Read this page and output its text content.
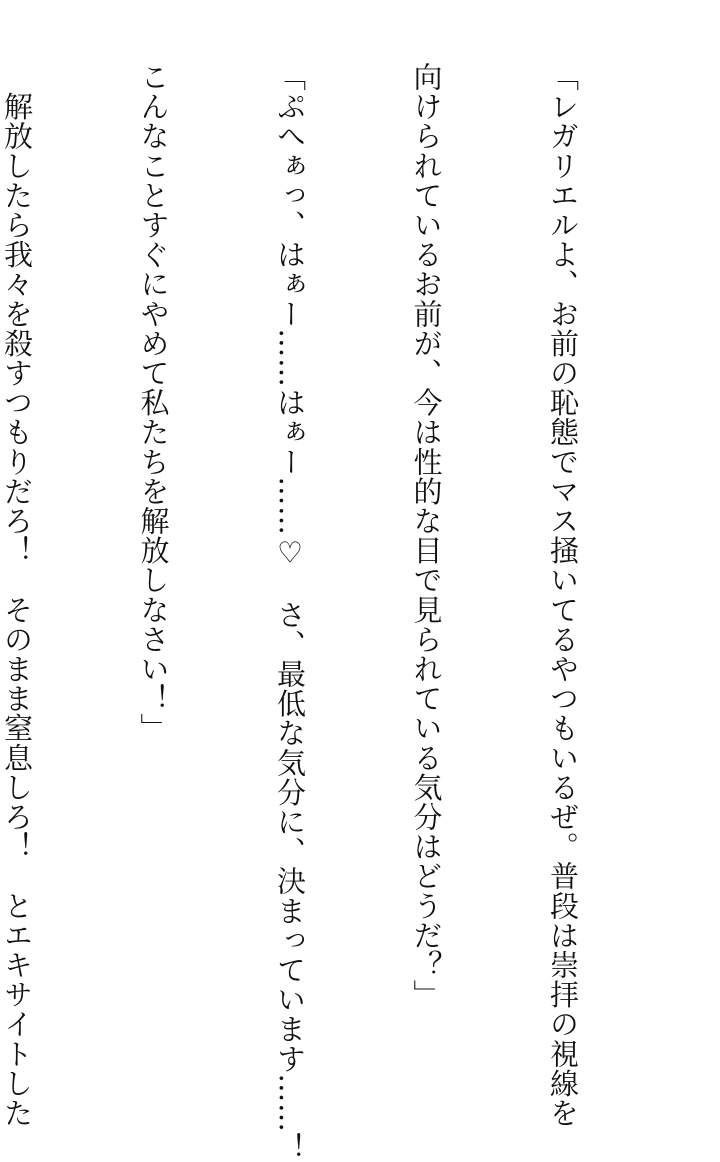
「レガリエルよ、お前の恥態でマス掻いてるやつもいるぜ。普段は崇拝の視線を

向けられているお前が、今は性的な目で見られている気分はどうだ？」

「ぷへぁっ、はぁー……はぁー……♡　さ、最低な気分に、決まっています……！

こんなことすぐにやめて私たちを解放しなさい！」

　解放したら我々を殺すつもりだろ！　そのまま窒息しろ！　とエキサイトした
